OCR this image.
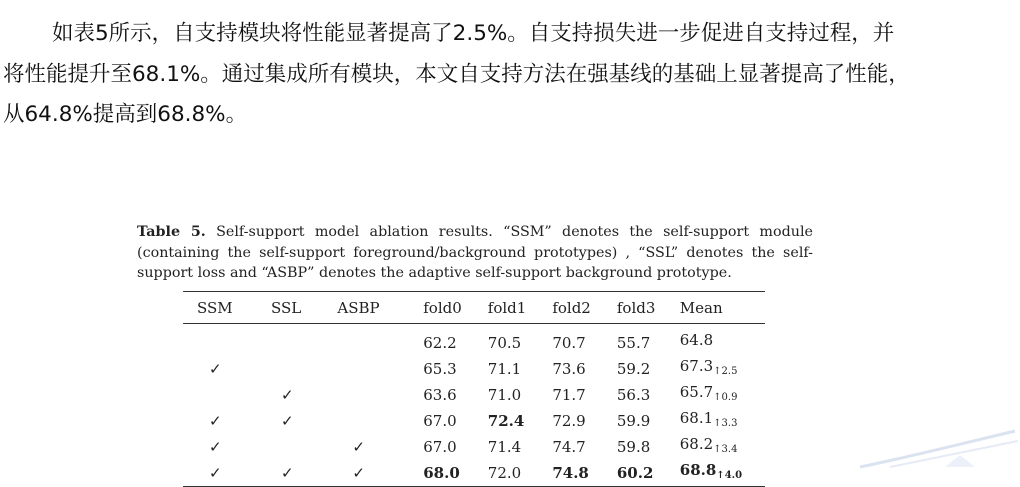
如表5所示，自支持模块将性能显著提高了2.5%。自支持损失进一步促进自支持过程，并
将性能提升至68.1%。通过集成所有模块，本文自支持方法在强基线的基础上显著提高了性能，
从64.8%提高到68.8%。

Table 5. Self-support model ablation results. “SSM” denotes the self-support module (containing the self-support foreground/background prototypes) , “SSL” denotes the self-support loss and “ASBP” denotes the adaptive self-support background prototype.

SSM	SSL	ASBP	fold0	fold1	fold2	fold3	Mean
			62.2	70.5	70.7	55.7	64.8
✓			65.3	71.1	73.6	59.2	$67.3_{↑2.5}$
	✓		63.6	71.0	71.7	56.3	$65.7_{↑0.9}$
✓	✓		67.0	72.4	72.9	59.9	$68.1_{↑3.3}$
✓		✓	67.0	71.4	74.7	59.8	$68.2_{↑3.4}$
✓	✓	✓	68.0	72.0	74.8	60.2	$68.8_{↑4.0}$
